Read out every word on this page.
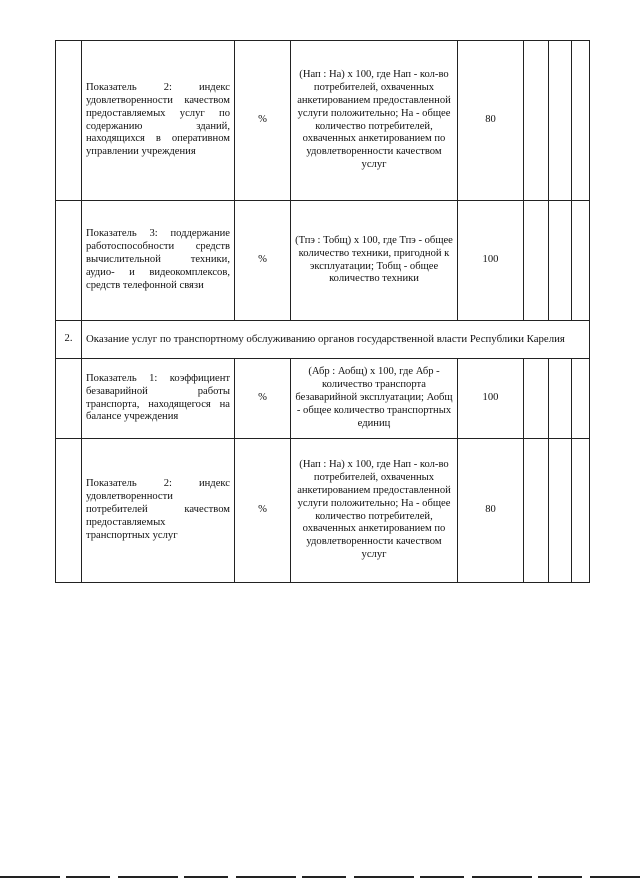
	Показатель 2: индекс удовлетворенности качеством предоставляемых услуг по содержанию зданий, находящихся в оперативном управлении учреждения	%	(Нап : На) x 100, где Нап - кол-во потребителей, охваченных анкетированием предоставленной услуги положительно; На - общее количество потребителей, охваченных анкетированием по удовлетворенности качеством услуг	80			
	Показатель 3: поддержание работоспособности средств вычислительной техники, аудио- и видеокомплексов, средств телефонной связи	%	(Тпэ : Тобщ) x 100, где Тпэ - общее количество техники, пригодной к эксплуатации; Тобщ - общее количество техники	100			
2.	Оказание услуг по транспортному обслуживанию органов государственной власти Республики Карелия						
	Показатель 1: коэффициент безаварийной работы транспорта, находящегося на балансе учреждения	%	(Абр : Аобщ) x 100, где Абр - количество транспорта безаварийной эксплуатации; Аобщ - общее количество транспортных единиц	100			
	Показатель 2: индекс удовлетворенности потребителей качеством предоставляемых транспортных услуг	%	(Нап : На) x 100, где Нап - кол-во потребителей, охваченных анкетированием предоставленной услуги положительно; На - общее количество потребителей, охваченных анкетированием по удовлетворенности качеством услуг	80			
